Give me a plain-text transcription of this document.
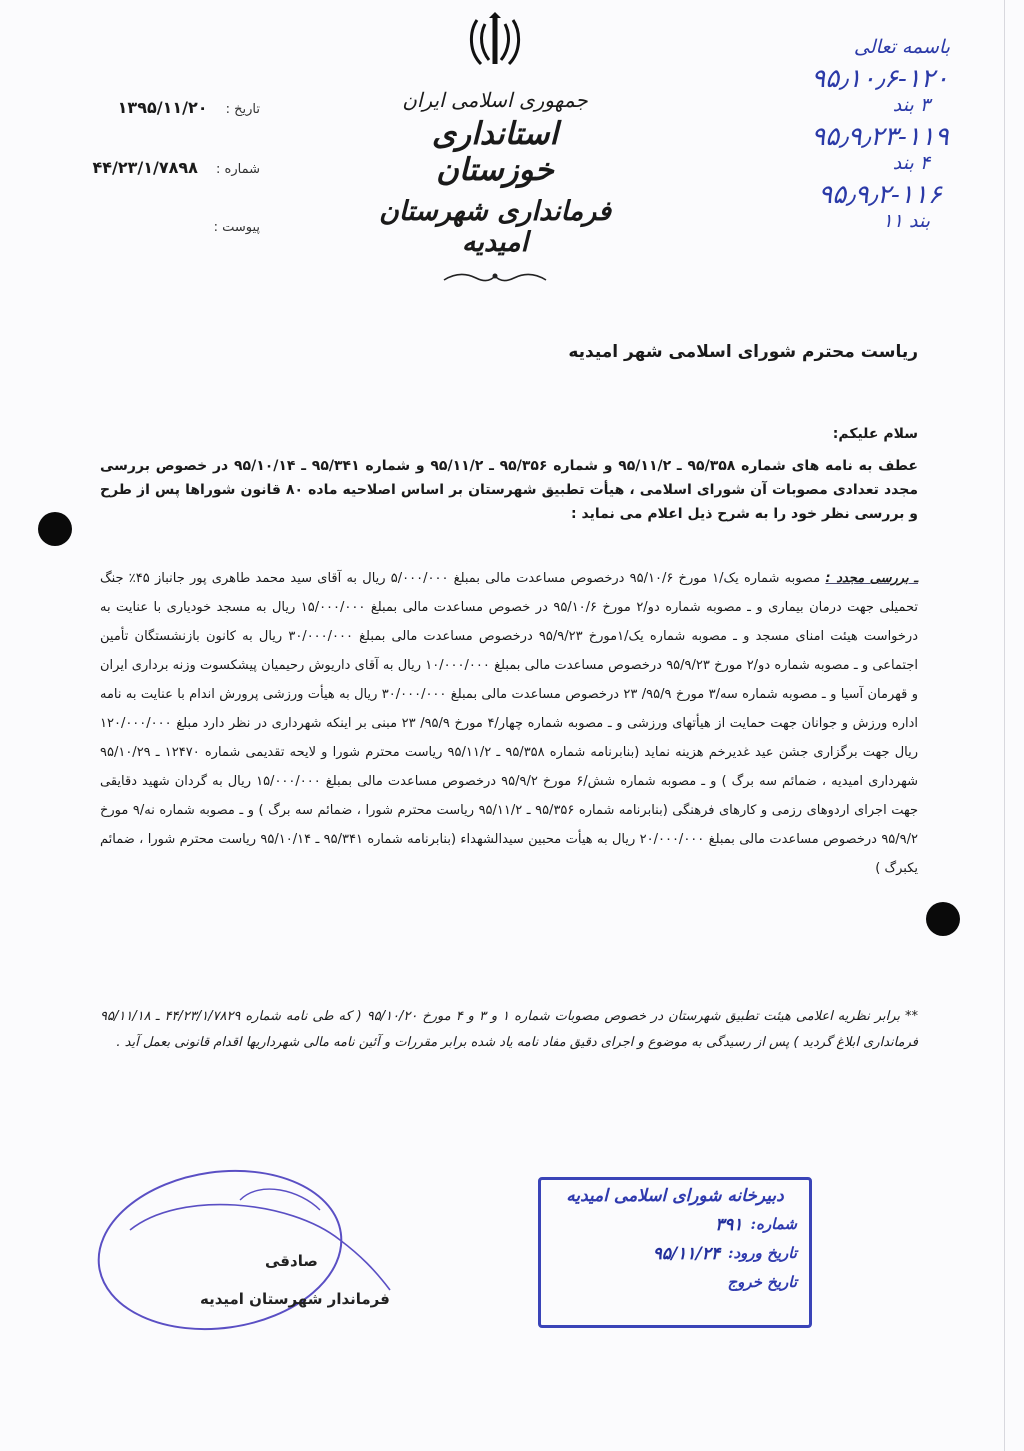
جمهوری اسلامی ایران

استانداری خوزستان

فرمانداری شهرستان امیدیه

تاریخ : ۱۳۹۵/۱۱/۲۰
شماره : ۴۴/۲۳/۱/۷۸۹۸
پیوست :
باسمه تعالی
۹۵٫۱۰٫۶-۱۲۰
۳ بند
۹۵٫۹٫۲۳-۱۱۹
۴ بند
۹۵٫۹٫۲-۱۱۶
بند ۱۱
ریاست محترم شورای اسلامی شهر امیدیه
سلام علیکم:
عطف به نامه های شماره ۹۵/۳۵۸ ـ ۹۵/۱۱/۲ و شماره ۹۵/۳۵۶ ـ ۹۵/۱۱/۲ و شماره ۹۵/۳۴۱ ـ ۹۵/۱۰/۱۴ در خصوص بررسی مجدد تعدادی مصوبات آن شورای اسلامی ، هیأت تطبیق شهرستان بر اساس اصلاحیه ماده ۸۰ قانون شوراها پس از طرح و بررسی نظر خود را به شرح ذیل اعلام می نماید :
ـ بررسی مجدد : مصوبه شماره یک/۱ مورخ ۹۵/۱۰/۶ درخصوص مساعدت مالی بمبلغ ۵/۰۰۰/۰۰۰ ریال به آقای سید محمد طاهری پور جانباز ۴۵٪ جنگ تحمیلی جهت درمان بیماری و ـ مصوبه شماره دو/۲ مورخ ۹۵/۱۰/۶ در خصوص مساعدت مالی بمبلغ ۱۵/۰۰۰/۰۰۰ ریال به مسجد خودیاری با عنایت به درخواست هیئت امنای مسجد و ـ مصوبه شماره یک/۱مورخ ۹۵/۹/۲۳ درخصوص مساعدت مالی بمبلغ ۳۰/۰۰۰/۰۰۰ ریال به کانون بازنشستگان تأمین اجتماعی و ـ مصوبه شماره دو/۲ مورخ ۹۵/۹/۲۳ درخصوص مساعدت مالی بمبلغ ۱۰/۰۰۰/۰۰۰ ریال به آقای داریوش رحیمیان پیشکسوت وزنه برداری ایران و قهرمان آسیا و ـ مصوبه شماره سه/۳ مورخ ۹۵/۹/ ۲۳ درخصوص مساعدت مالی بمبلغ ۳۰/۰۰۰/۰۰۰ ریال به هیأت ورزشی پرورش اندام با عنایت به نامه اداره ورزش و جوانان جهت حمایت از هیأتهای ورزشی و ـ مصوبه شماره چهار/۴ مورخ ۹۵/۹/ ۲۳ مبنی بر اینکه شهرداری در نظر دارد مبلغ ۱۲۰/۰۰۰/۰۰۰ ریال جهت برگزاری جشن عید غدیرخم هزینه نماید (بنابرنامه شماره ۹۵/۳۵۸ ـ ۹۵/۱۱/۲ ریاست محترم شورا و لایحه تقدیمی شماره ۱۲۴۷۰ ـ ۹۵/۱۰/۲۹ شهرداری امیدیه ، ضمائم سه برگ ) و ـ مصوبه شماره شش/۶ مورخ ۹۵/۹/۲ درخصوص مساعدت مالی بمبلغ ۱۵/۰۰۰/۰۰۰ ریال به گردان شهید دقایقی جهت اجرای اردوهای رزمی و کارهای فرهنگی (بنابرنامه شماره ۹۵/۳۵۶ ـ ۹۵/۱۱/۲ ریاست محترم شورا ، ضمائم سه برگ ) و ـ مصوبه شماره نه/۹ مورخ ۹۵/۹/۲ درخصوص مساعدت مالی بمبلغ ۲۰/۰۰۰/۰۰۰ ریال به هیأت محبین سیدالشهداء (بنابرنامه شماره ۹۵/۳۴۱ ـ ۹۵/۱۰/۱۴ ریاست محترم شورا ، ضمائم یکبرگ )
** برابر نظریه اعلامی هیئت تطبیق شهرستان در خصوص مصوبات شماره ۱ و ۳ و ۴ مورخ ۹۵/۱۰/۲۰ ( که طی نامه شماره ۴۴/۲۳/۱/۷۸۲۹ ـ ۹۵/۱۱/۱۸ فرمانداری ابلاغ گردید ) پس از رسیدگی به موضوع و اجرای دقیق مفاد نامه یاد شده برابر مقررات و آئین نامه مالی شهرداریها اقدام قانونی بعمل آید .
صادقی
فرماندار شهرستان امیدیه
دبیرخانه شورای اسلامی امیدیه
شماره:
۳۹۱
تاریخ ورود:
۹۵/۱۱/۲۴
تاریخ خروج
